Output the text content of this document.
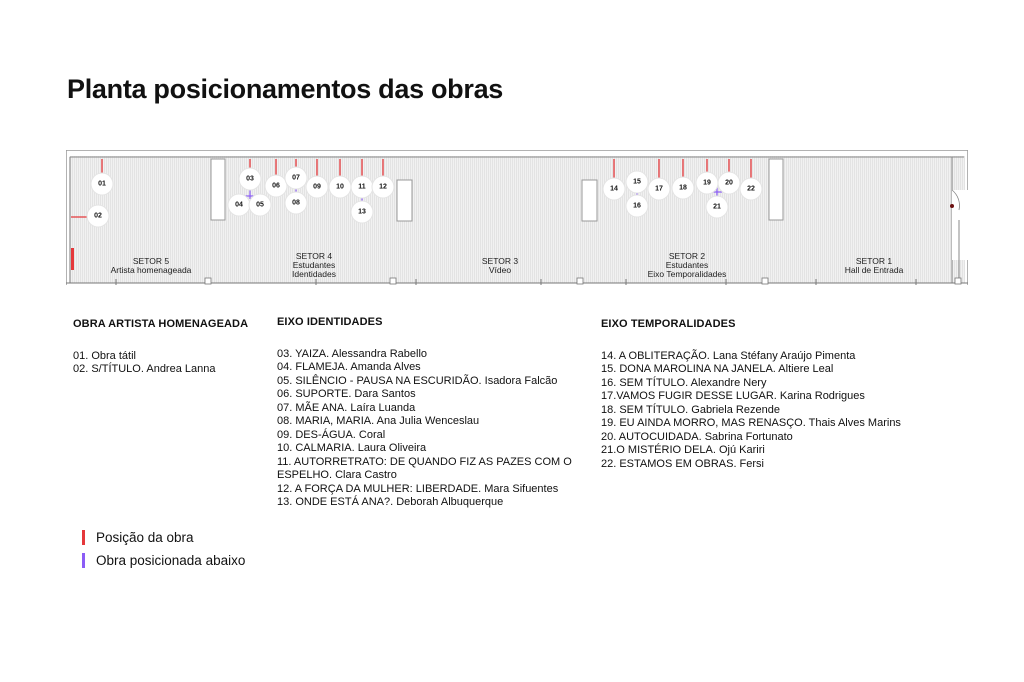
Planta posicionamentos das obras
01
02
03
04	05
06
07
08
09	10	11	12
13
14
15
16
17	18
19	20
22
21
SETOR 5
Artista homenageada
SETOR 4
Estudantes
Identidades
SETOR 3
Vídeo
SETOR 2
Estudantes
Eixo Temporalidades
SETOR 1
Hall de Entrada
OBRA ARTISTA HOMENAGEADA
01. Obra tátil
02. S/TÍTULO. Andrea Lanna
EIXO IDENTIDADES
03. YAIZA. Alessandra Rabello
04. FLAMEJA. Amanda Alves
05. SILÊNCIO - PAUSA NA ESCURIDÃO. Isadora Falcão
06. SUPORTE. Dara Santos
07. MÃE ANA. Laíra Luanda
08. MARIA, MARIA. Ana Julia Wenceslau
09. DES-ÁGUA. Coral
10. CALMARIA. Laura Oliveira
11. AUTORRETRATO: DE QUANDO FIZ AS PAZES COM O
ESPELHO. Clara Castro
12. A FORÇA DA MULHER: LIBERDADE. Mara Sifuentes
13. ONDE ESTÁ ANA?. Deborah Albuquerque
EIXO TEMPORALIDADES
14. A OBLITERAÇÃO. Lana Stéfany Araújo Pimenta
15. DONA MAROLINA NA JANELA. Altiere Leal
16. SEM TÍTULO. Alexandre Nery
17.VAMOS FUGIR DESSE LUGAR. Karina Rodrigues
18. SEM TÍTULO. Gabriela Rezende
19. EU AINDA MORRO, MAS RENASÇO. Thais Alves Marins
20. AUTOCUIDADA. Sabrina Fortunato
21.O MISTÉRIO DELA. Ojú Kariri
22. ESTAMOS EM OBRAS. Fersi
Posição da obra
Obra posicionada abaixo
